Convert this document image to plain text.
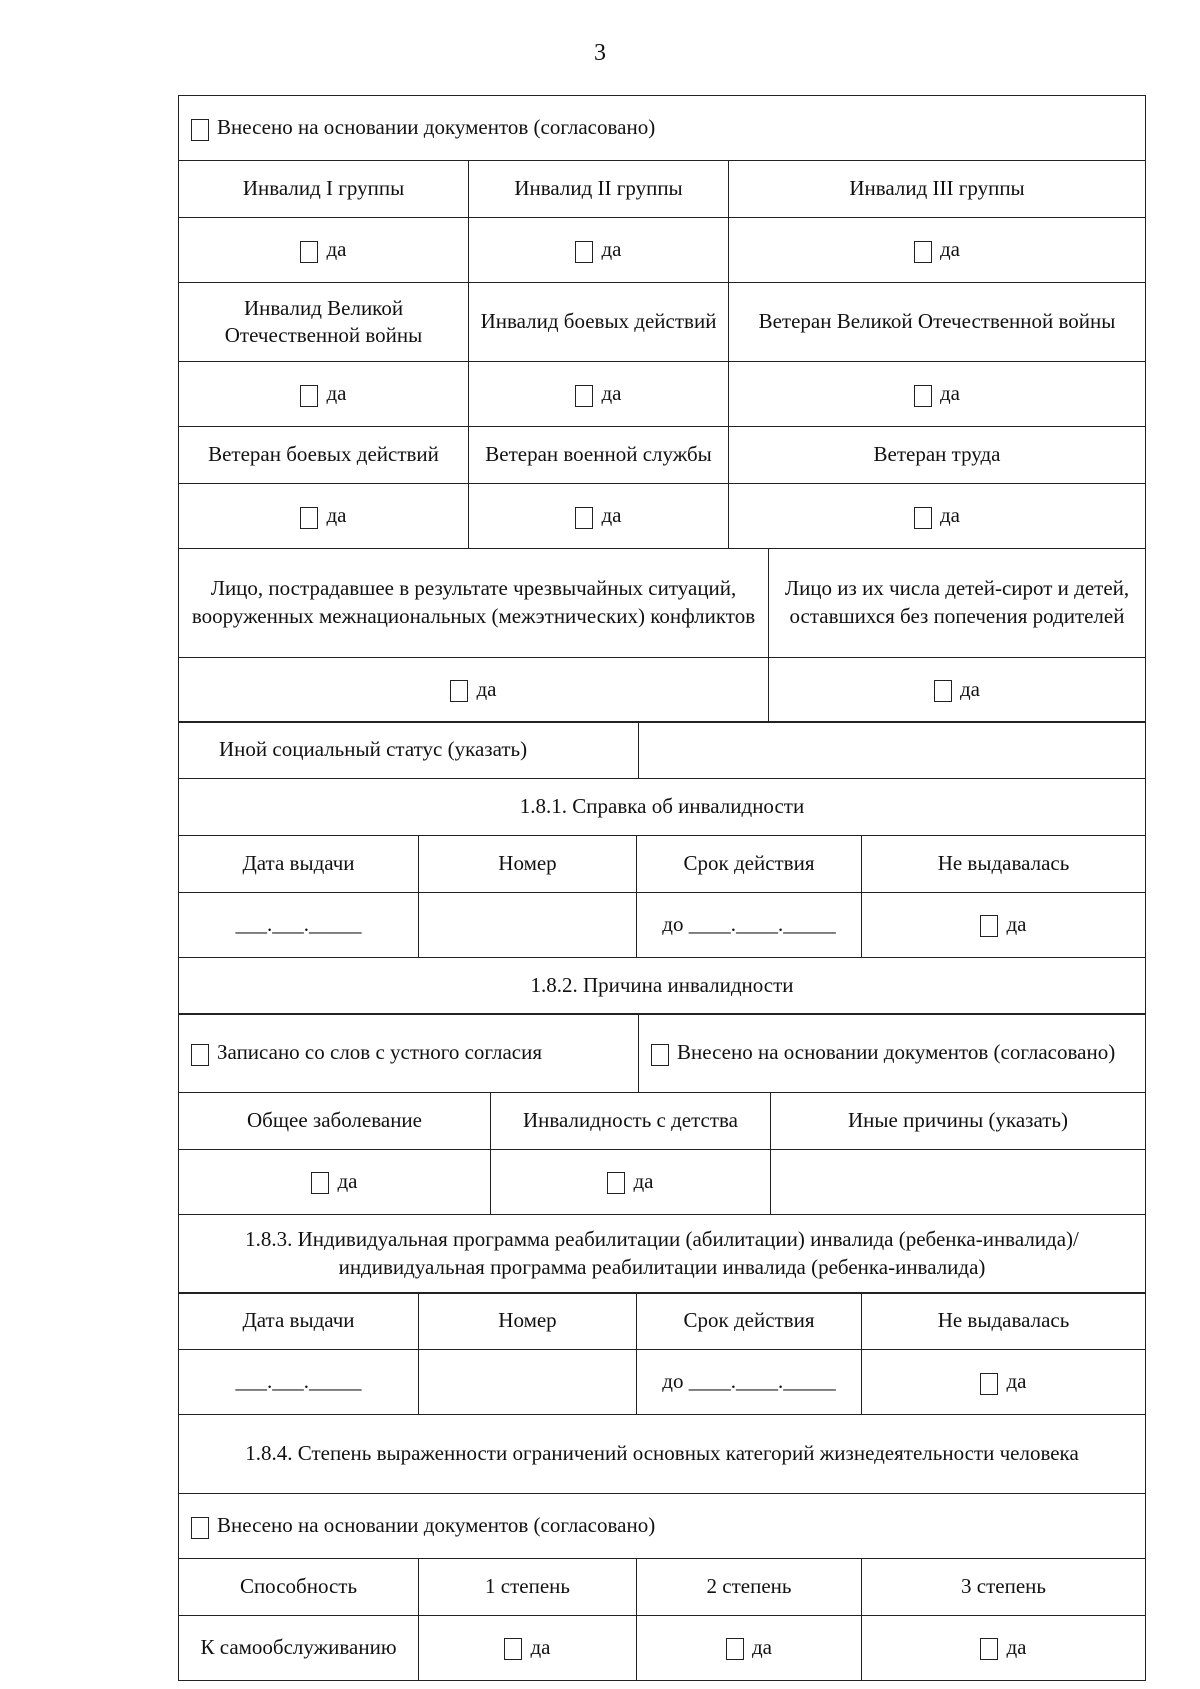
3
Внесено на основании документов (согласовано)		
Инвалид I группы	Инвалид II группы	Инвалид III группы
да	да	да
Инвалид Великой Отечественной войны	Инвалид боевых действий	Ветеран Великой Отечественной войны
да	да	да
Ветеран боевых действий	Ветеран военной службы	Ветеран труда
да	да	да
Лицо, пострадавшее в результате чрезвычайных ситуаций, вооруженных межнациональных (межэтнических) конфликтов	Лицо из их числа детей-сирот и детей, оставшихся без попечения родителей
да	да
Иной социальный статус (указать)	
1.8.1. Справка об инвалидности
Дата выдачи	Номер	Срок действия	Не выдавалась
___.___._____		до ____.____._____	да
1.8.2. Причина инвалидности			
Записано со слов с устного согласия	Внесено на основании документов (согласовано)
Общее заболевание	Инвалидность с детства	Иные причины (указать)
да	да	
1.8.3. Индивидуальная программа реабилитации (абилитации) инвалида (ребенка-инвалида)/индивидуальная программа реабилитации инвалида (ребенка-инвалида)		
Дата выдачи	Номер	Срок действия	Не выдавалась
___.___._____		до ____.____._____	да
1.8.4. Степень выраженности ограничений основных категорий жизнедеятельности человека			
Внесено на основании документов (согласовано)			
Способность	1 степень	2 степень	3 степень
К самообслуживанию	да	да	да
